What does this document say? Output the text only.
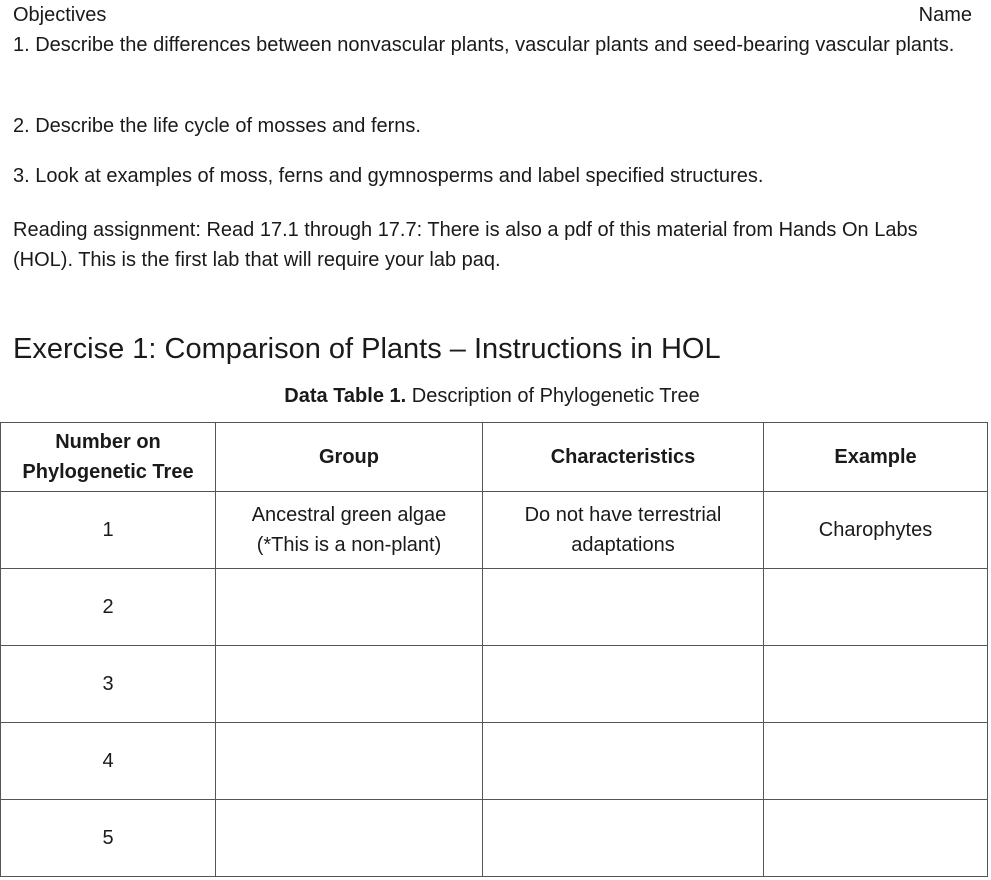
Objectives	Name
1. Describe the differences between nonvascular plants, vascular plants and seed-bearing vascular plants.
2. Describe the life cycle of mosses and ferns.
3. Look at examples of moss, ferns and gymnosperms and label specified structures.
Reading assignment: Read 17.1 through 17.7: There is also a pdf of this material from Hands On Labs (HOL). This is the first lab that will require your lab paq.
Exercise 1: Comparison of Plants – Instructions in HOL
Data Table 1. Description of Phylogenetic Tree
Number on Phylogenetic Tree	Group	Characteristics	Example
1	Ancestral green algae (*This is a non-plant)	Do not have terrestrial adaptations	Charophytes
2			
3			
4			
5			
